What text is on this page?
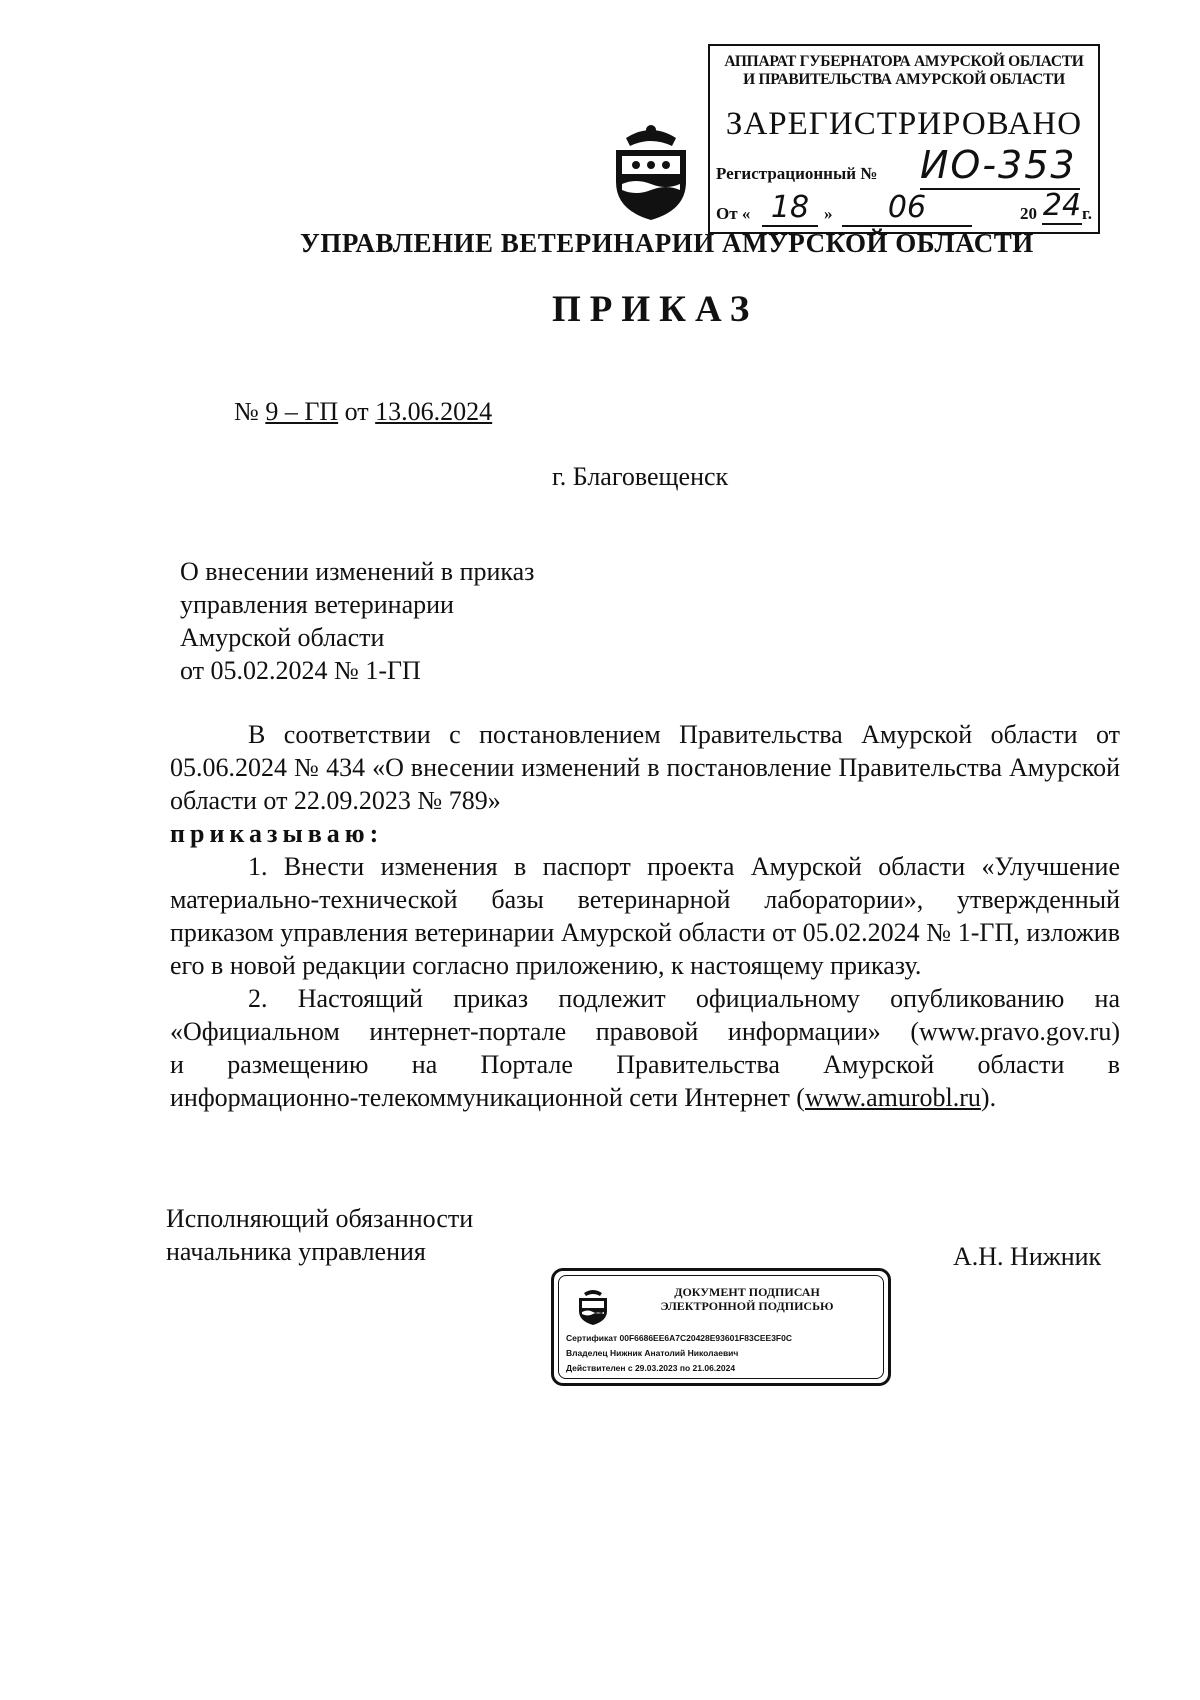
АППАРАТ ГУБЕРНАТОРА АМУРСКОЙ ОБЛАСТИ
И ПРАВИТЕЛЬСТВА АМУРСКОЙ ОБЛАСТИ
ЗАРЕГИСТРИРОВАНО
Регистрационный № ИО-353
От « 18 »	06	20 24 г.
УПРАВЛЕНИЕ ВЕТЕРИНАРИИ АМУРСКОЙ ОБЛАСТИ
ПРИКАЗ
№ 9 – ГП от 13.06.2024
г. Благовещенск
О внесении изменений в приказ
управления ветеринарии
Амурской области
от 05.02.2024 № 1-ГП
В соответствии с постановлением Правительства Амурской области от 05.06.2024 № 434 «О внесении изменений в постановление Правительства Амурской области от 22.09.2023 № 789»
приказываю:
1. Внести изменения в паспорт проекта Амурской области «Улучшение материально-технической базы ветеринарной лаборатории», утвержденный приказом управления ветеринарии Амурской области от 05.02.2024 № 1-ГП, изложив его в новой редакции согласно приложению, к настоящему приказу.
2. Настоящий приказ подлежит официальному опубликованию на «Официальном интернет-портале правовой информации» (www.pravo.gov.ru)
и размещению на Портале Правительства Амурской области в
информационно-телекоммуникационной сети Интернет (www.amurobl.ru).
Исполняющий обязанности
начальника управления	А.Н. Нижник
ДОКУМЕНТ ПОДПИСАН
ЭЛЕКТРОННОЙ ПОДПИСЬЮ
Сертификат 00F6686EE6A7C20428E93601F83CEE3F0C
Владелец Нижник Анатолий Николаевич
Действителен с 29.03.2023 по 21.06.2024
